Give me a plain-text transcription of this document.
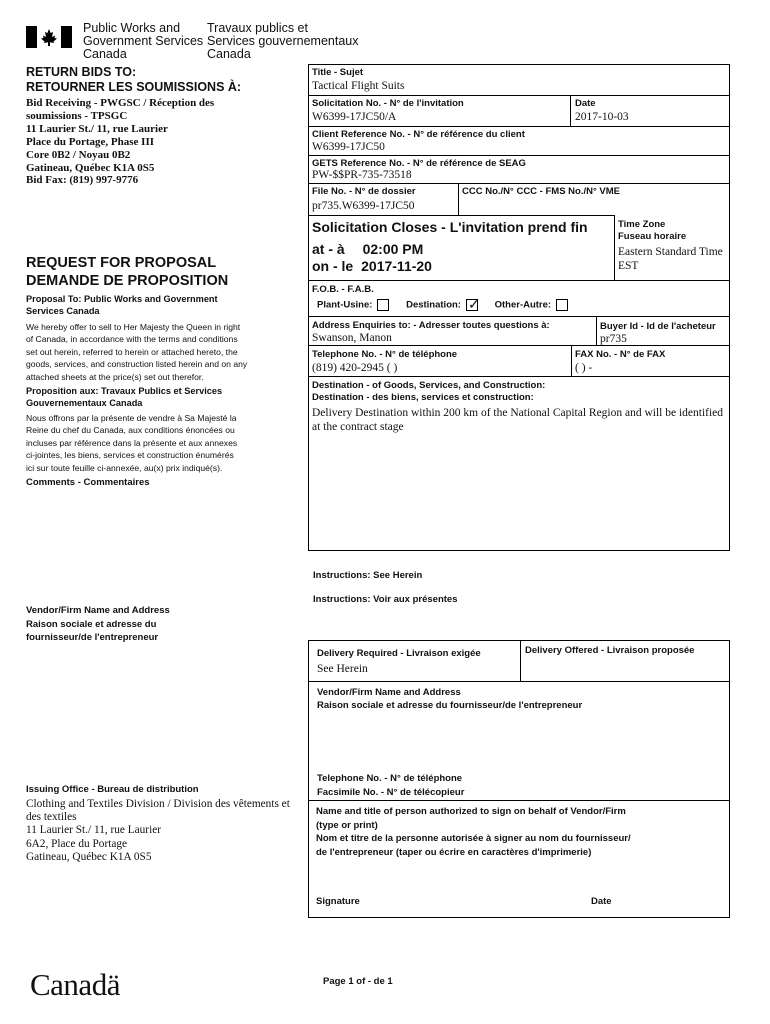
Public Works and
Government Services
Canada
Travaux publics et
Services gouvernementaux
Canada
RETURN BIDS TO:
RETOURNER LES SOUMISSIONS À:
Bid Receiving - PWGSC / Réception des
soumissions - TPSGC
11 Laurier St./ 11, rue Laurier
Place du Portage, Phase III
Core 0B2 / Noyau 0B2
Gatineau, Québec K1A 0S5
Bid Fax: (819) 997-9776
REQUEST FOR PROPOSAL
DEMANDE DE PROPOSITION
Proposal To: Public Works and Government
Services Canada
We hereby offer to sell to Her Majesty the Queen in right
of Canada, in accordance with the terms and conditions
set out herein, referred to herein or attached hereto, the
goods, services, and construction listed herein and on any
attached sheets at the price(s) set out therefor.
Proposition aux: Travaux Publics et Services
Gouvernementaux Canada
Nous offrons par la présente de vendre à Sa Majesté la
Reine du chef du Canada, aux conditions énoncées ou
incluses par référence dans la présente et aux annexes
ci-jointes, les biens, services et construction énumérés
ici sur toute feuille ci-annexée, au(x) prix indiqué(s).
Comments - Commentaires
Vendor/Firm Name and Address
Raison sociale et adresse du
fournisseur/de l'entrepreneur
Issuing Office - Bureau de distribution
Clothing and Textiles Division / Division des vêtements et
des textiles
11 Laurier St./ 11, rue Laurier
6A2, Place du Portage
Gatineau, Québec K1A 0S5
Title - Sujet
Tactical Flight Suits
Solicitation No. - N° de l'invitation
W6399-17JC50/A
Date
2017-10-03
Client Reference No. - N° de référence du client
W6399-17JC50
GETS Reference No. - N° de référence de SEAG
PW-$$PR-735-73518
File No. - N° de dossier
pr735.W6399-17JC50
CCC No./N° CCC - FMS No./N° VME
Solicitation Closes - L'invitation prend fin
at - à 02:00 PM
on - le 2017-11-20
Time Zone
Fuseau horaire
Eastern Standard Time
EST
F.O.B. - F.A.B.
Plant-Usine:	Destination: ✓ Other-Autre:
Address Enquiries to: - Adresser toutes questions à:
Swanson, Manon
Buyer Id - Id de l'acheteur
pr735
Telephone No. - N° de téléphone
(819) 420-2945 ( )
FAX No. - N° de FAX
( ) -
Destination - of Goods, Services, and Construction:
Destination - des biens, services et construction:
Delivery Destination within 200 km of the National Capital Region and will be identified
at the contract stage
Instructions: See Herein
Instructions: Voir aux présentes
Delivery Required - Livraison exigée
See Herein
Delivery Offered - Livraison proposée
Vendor/Firm Name and Address
Raison sociale et adresse du fournisseur/de l'entrepreneur
Telephone No. - N° de téléphone
Facsimile No. - N° de télécopieur
Name and title of person authorized to sign on behalf of Vendor/Firm
(type or print)
Nom et titre de la personne autorisée à signer au nom du fournisseur/
de l'entrepreneur (taper ou écrire en caractères d'imprimerie)
Signature	Date
Canadä	Page 1 of - de 1
